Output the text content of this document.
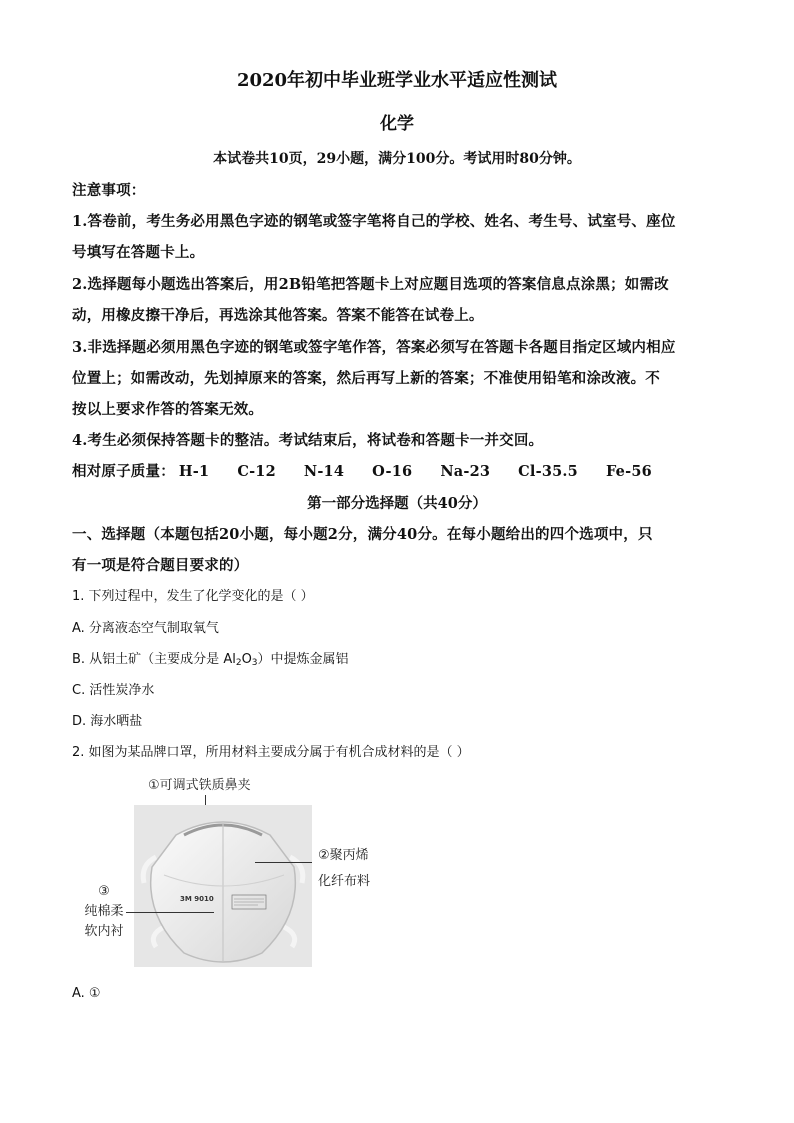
2020年初中毕业班学业水平适应性测试
化学
本试卷共10页，29小题，满分100分。考试用时80分钟。
注意事项：
1.答卷前，考生务必用黑色字迹的钢笔或签字笔将自己的学校、姓名、考生号、试室号、座位
号填写在答题卡上。
2.选择题每小题选出答案后，用2B铅笔把答题卡上对应题目选项的答案信息点涂黑；如需改
动，用橡皮擦干净后，再选涂其他答案。答案不能答在试卷上。
3.非选择题必须用黑色字迹的钢笔或签字笔作答，答案必须写在答题卡各题目指定区域内相应
位置上；如需改动，先划掉原来的答案，然后再写上新的答案；不准使用铅笔和涂改液。不
按以上要求作答的答案无效。
4.考生必须保持答题卡的整洁。考试结束后，将试卷和答题卡一并交回。
相对原子质量： H-1 C-12 N-14 O-16 Na-23 Cl-35.5 Fe-56
第一部分选择题（共40分）
一、选择题（本题包括20小题，每小题2分，满分40分。在每小题给出的四个选项中，只
有一项是符合题目要求的）
1. 下列过程中，发生了化学变化的是（ ）
A. 分离液态空气制取氧气
B. 从铝土矿（主要成分是 $Al_2O_3$）中提炼金属铝
C. 活性炭净水
D. 海水晒盐
2. 如图为某品牌口罩，所用材料主要成分属于有机合成材料的是（ ）
①可调式铁质鼻夹
3M 9010
②聚丙烯
化纤布料
③
纯棉柔
软内衬
A. ①
